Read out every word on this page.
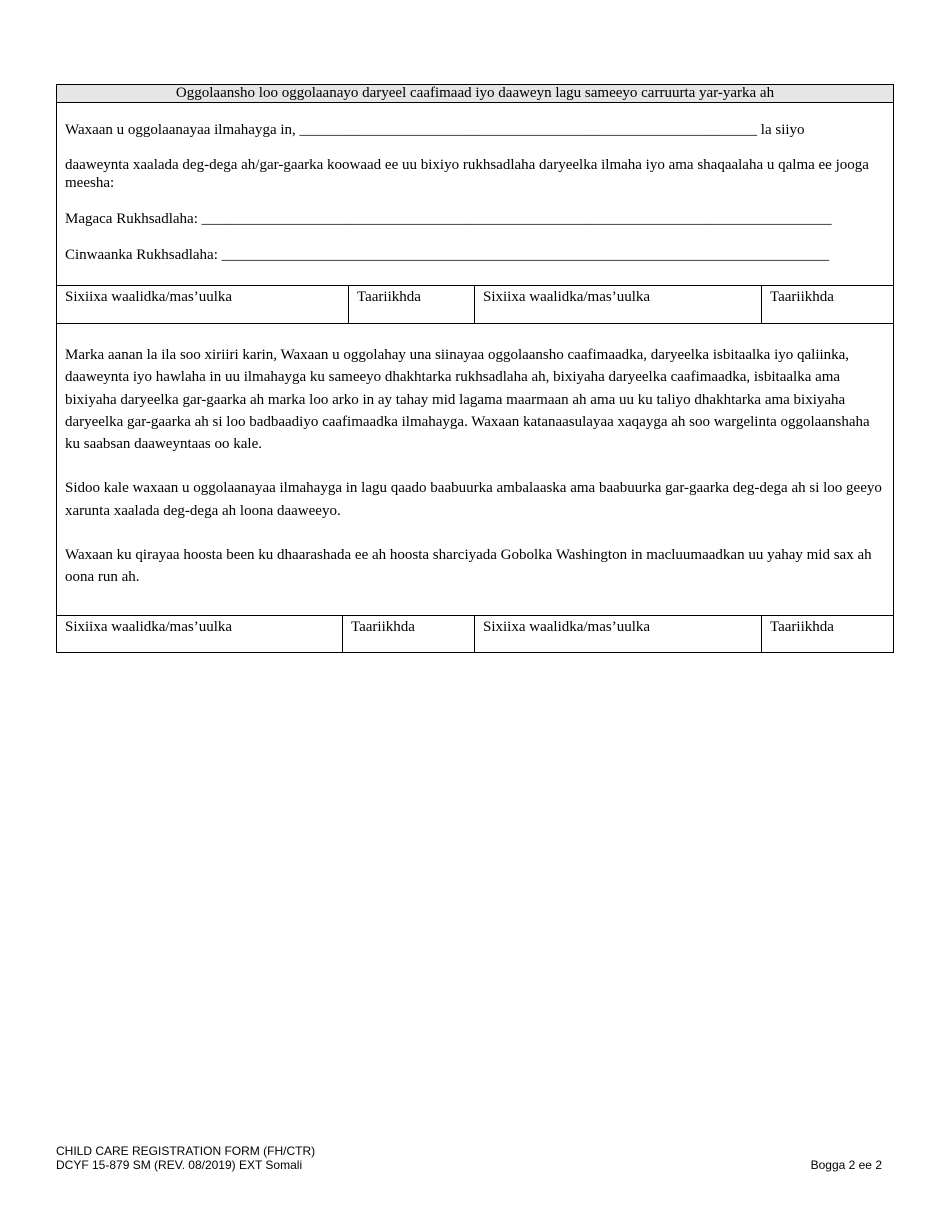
Oggolaansho loo oggolaanayo daryeel caafimaad iyo daaweyn lagu sameeyo carruurta yar-yarka ah

Waxaan u oggolaanayaa ilmahayga in, _____________________________________________________________ la siiyo

daaweynta xaalada deg-dega ah/gar-gaarka koowaad ee uu bixiyo rukhsadlaha daryeelka ilmaha iyo ama shaqaalaha u qalma ee jooga meesha:

Magaca Rukhsadlaha: ____________________________________________________________________________________

Cinwaanka Rukhsadlaha: _________________________________________________________________________________

Sixiixa waalidka/mas’uulka	Taariikhda	Sixiixa waalidka/mas’uulka	Taariikhda

Marka aanan la ila soo xiriiri karin, Waxaan u oggolahay una siinayaa oggolaansho caafimaadka, daryeelka isbitaalka iyo qaliinka, daaweynta iyo hawlaha in uu ilmahayga ku sameeyo dhakhtarka rukhsadlaha ah, bixiyaha daryeelka caafimaadka, isbitaalka ama bixiyaha daryeelka gar-gaarka ah marka loo arko in ay tahay mid lagama maarmaan ah ama uu ku taliyo dhakhtarka ama bixiyaha daryeelka gar-gaarka ah si loo badbaadiyo caafimaadka ilmahayga. Waxaan katanaasulayaa xaqayga ah soo wargelinta oggolaanshaha ku saabsan daaweyntaas oo kale.

Sidoo kale waxaan u oggolaanayaa ilmahayga in lagu qaado baabuurka ambalaaska ama baabuurka gar-gaarka deg-dega ah si loo geeyo xarunta xaalada deg-dega ah loona daaweeyo.

Waxaan ku qirayaa hoosta been ku dhaarashada ee ah hoosta sharciyada Gobolka Washington in macluumaadkan uu yahay mid sax ah oona run ah.

Sixiixa waalidka/mas’uulka	Taariikhda	Sixiixa waalidka/mas’uulka	Taariikhda
CHILD CARE REGISTRATION FORM (FH/CTR)
DCYF 15-879 SM (REV. 08/2019) EXT Somali	Bogga 2 ee 2
